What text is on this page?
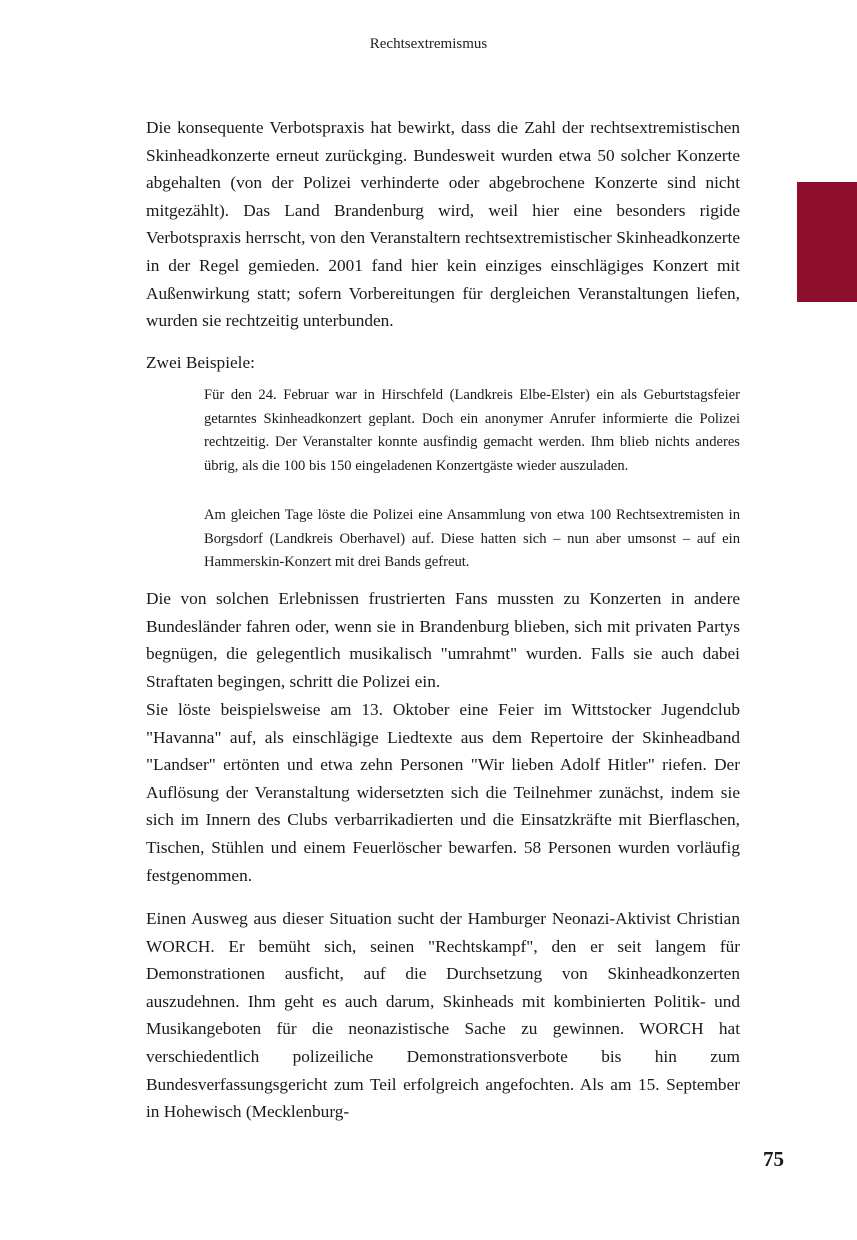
Rechtsextremismus

Die konsequente Verbotspraxis hat bewirkt, dass die Zahl der rechtsextremistischen Skinheadkonzerte erneut zurückging. Bundesweit wurden etwa 50 solcher Konzerte abgehalten (von der Polizei verhinderte oder abgebrochene Konzerte sind nicht mitgezählt). Das Land Brandenburg wird, weil hier eine besonders rigide Verbotspraxis herrscht, von den Veranstaltern rechtsextremistischer Skinheadkonzerte in der Regel gemieden. 2001 fand hier kein einziges einschlägiges Konzert mit Außenwirkung statt; sofern Vorbereitungen für dergleichen Veranstaltungen liefen, wurden sie rechtzeitig unterbunden.

Zwei Beispiele:

Für den 24. Februar war in Hirschfeld (Landkreis Elbe-Elster) ein als Geburtstagsfeier getarntes Skinheadkonzert geplant. Doch ein anonymer Anrufer informierte die Polizei rechtzeitig. Der Veranstalter konnte ausfindig gemacht werden. Ihm blieb nichts anderes übrig, als die 100 bis 150 eingeladenen Konzertgäste wieder auszuladen.

Am gleichen Tage löste die Polizei eine Ansammlung von etwa 100 Rechtsextremisten in Borgsdorf (Landkreis Oberhavel) auf. Diese hatten sich – nun aber umsonst – auf ein Hammerskin-Konzert mit drei Bands gefreut.

Die von solchen Erlebnissen frustrierten Fans mussten zu Konzerten in andere Bundesländer fahren oder, wenn sie in Brandenburg blieben, sich mit privaten Partys begnügen, die gelegentlich musikalisch "umrahmt" wurden. Falls sie auch dabei Straftaten begingen, schritt die Polizei ein.

Sie löste beispielsweise am 13. Oktober eine Feier im Wittstocker Jugendclub "Havanna" auf, als einschlägige Liedtexte aus dem Repertoire der Skinheadband "Landser" ertönten und etwa zehn Personen "Wir lieben Adolf Hitler" riefen. Der Auflösung der Veranstaltung widersetzten sich die Teilnehmer zunächst, indem sie sich im Innern des Clubs verbarrikadierten und die Einsatzkräfte mit Bierflaschen, Tischen, Stühlen und einem Feuerlöscher bewarfen. 58 Personen wurden vorläufig festgenommen.

Einen Ausweg aus dieser Situation sucht der Hamburger Neonazi-Aktivist Christian WORCH. Er bemüht sich, seinen "Rechtskampf", den er seit langem für Demonstrationen ausficht, auf die Durchsetzung von Skinheadkonzerten auszudehnen. Ihm geht es auch darum, Skinheads mit kombinierten Politik- und Musikangeboten für die neonazistische Sache zu gewinnen. WORCH hat verschiedentlich polizeiliche Demonstrationsverbote bis hin zum Bundesverfassungsgericht zum Teil erfolgreich angefochten. Als am 15. September in Hohewisch (Mecklenburg-

75
